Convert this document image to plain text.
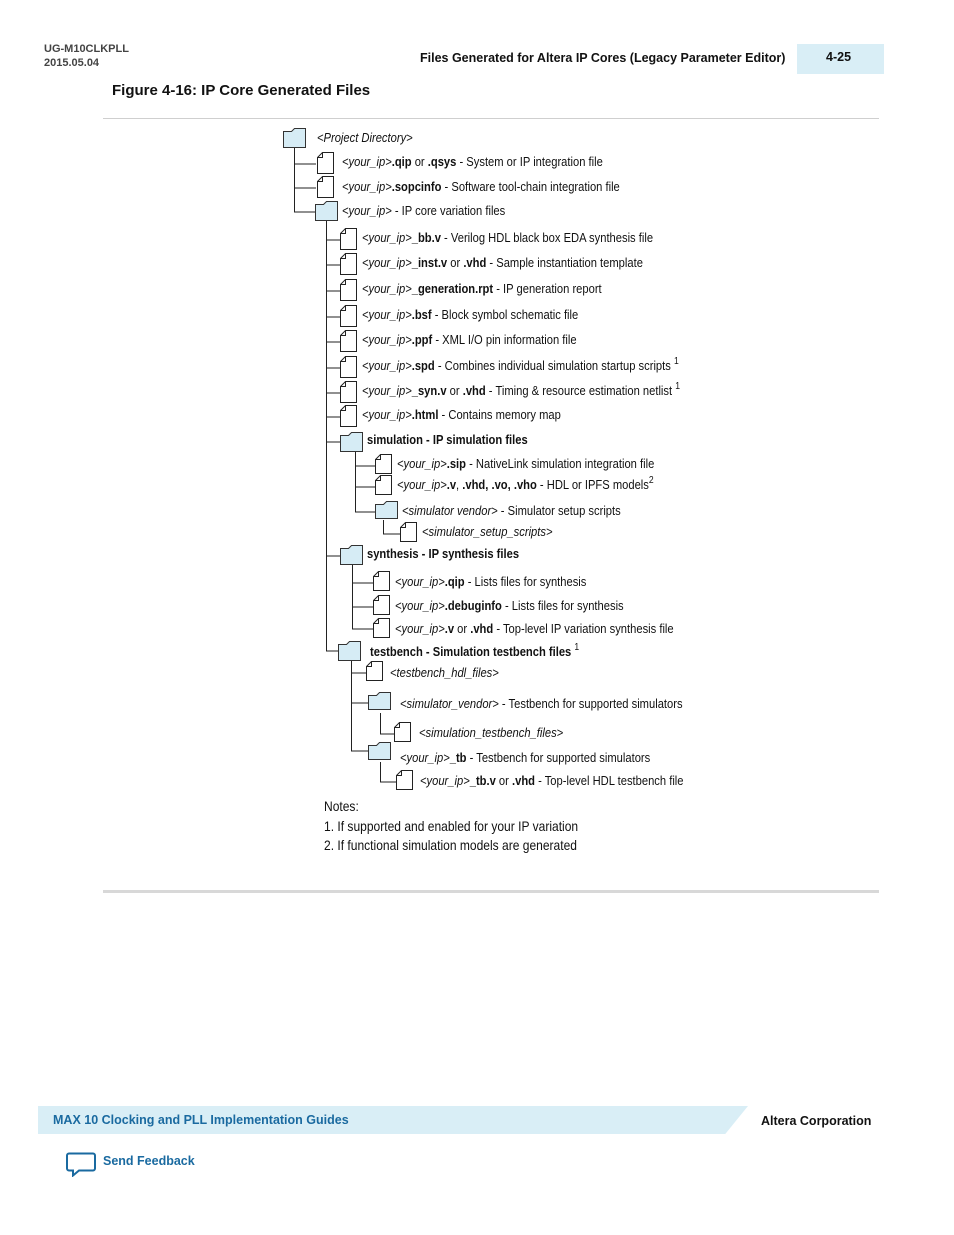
UG-M10CLKPLL
2015.05.04	Files Generated for Altera IP Cores (Legacy Parameter Editor)	4-25
Figure 4-16: IP Core Generated Files
<Project Directory>
<your_ip>.qip or .qsys - System or IP integration file
<your_ip>.sopcinfo - Software tool-chain integration file
<your_ip> - IP core variation files
<your_ip>_bb.v - Verilog HDL black box EDA synthesis file
<your_ip>_inst.v or .vhd - Sample instantiation template
<your_ip>_generation.rpt - IP generation report
<your_ip>.bsf - Block symbol schematic file
<your_ip>.ppf - XML I/O pin information file
<your_ip>.spd - Combines individual simulation startup scripts $^1$
<your_ip>_syn.v or .vhd - Timing & resource estimation netlist $^1$
<your_ip>.html - Contains memory map
simulation - IP simulation files
<your_ip>.sip - NativeLink simulation integration file
<your_ip>.v, .vhd, .vo, .vho - HDL or IPFS models$^2$
<simulator vendor> - Simulator setup scripts
<simulator_setup_scripts>
synthesis - IP synthesis files
<your_ip>.qip - Lists files for synthesis
<your_ip>.debuginfo - Lists files for synthesis
<your_ip>.v or .vhd - Top-level IP variation synthesis file
testbench - Simulation testbench files $^1$
<testbench_hdl_files>
<simulator_vendor> - Testbench for supported simulators
<simulation_testbench_files>
<your_ip>_tb - Testbench for supported simulators
<your_ip>_tb.v or .vhd - Top-level HDL testbench file
Notes:
1. If supported and enabled for your IP variation
2. If functional simulation models are generated
MAX 10 Clocking and PLL Implementation Guides	Altera Corporation
Send Feedback
